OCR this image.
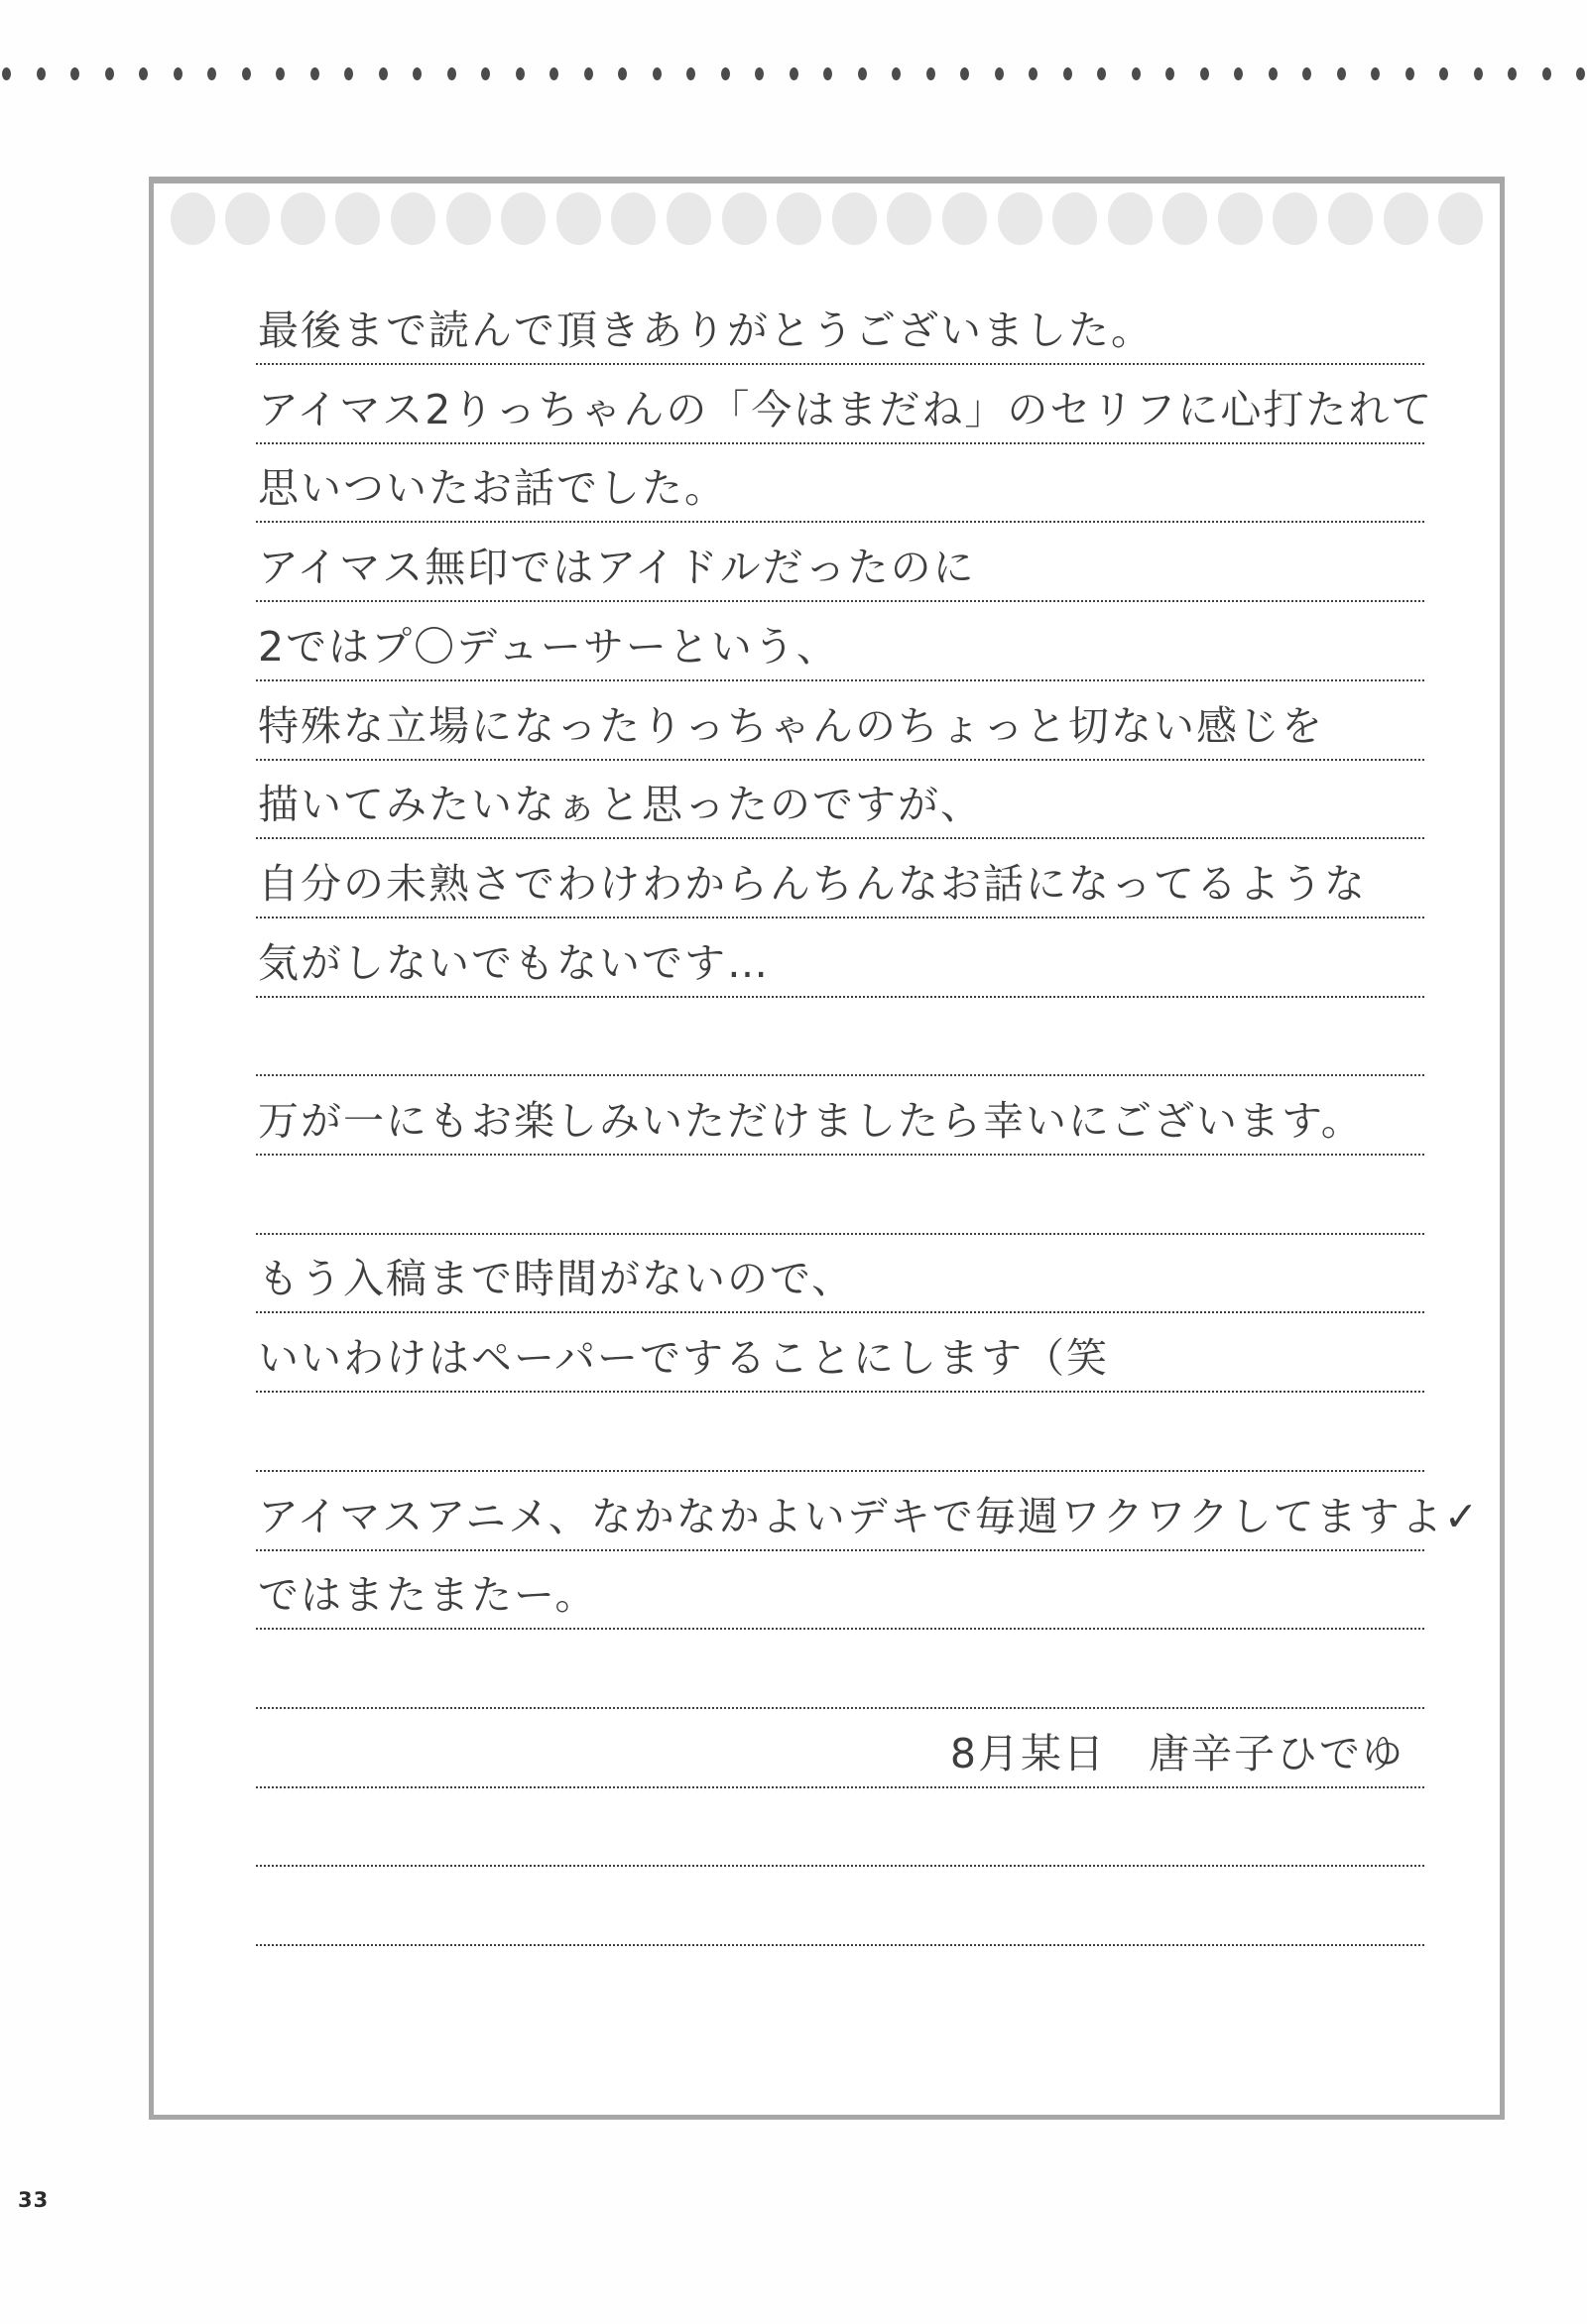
最後まで読んで頂きありがとうございました。
アイマス2りっちゃんの「今はまだね」のセリフに心打たれて
思いついたお話でした。
アイマス無印ではアイドルだったのに
2ではプ〇デューサーという、
特殊な立場になったりっちゃんのちょっと切ない感じを
描いてみたいなぁと思ったのですが、
自分の未熟さでわけわからんちんなお話になってるような
気がしないでもないです…
万が一にもお楽しみいただけましたら幸いにございます。
もう入稿まで時間がないので、
いいわけはペーパーですることにします（笑
アイマスアニメ、なかなかよいデキで毎週ワクワクしてますよ✓
ではまたまたー。
8月某日　唐辛子ひでゆ
33
